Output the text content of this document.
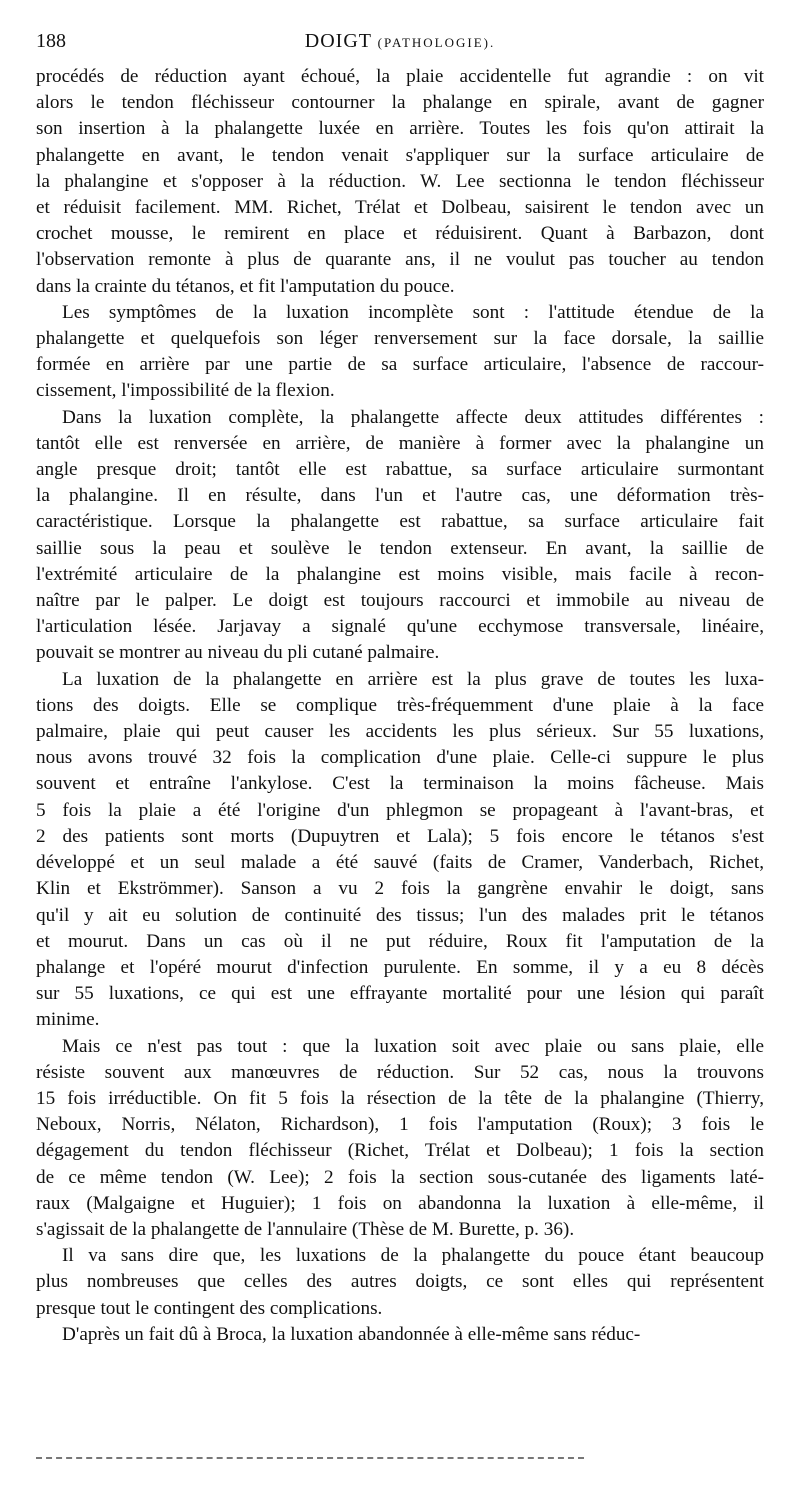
188	DOIGT (PATHOLOGIE).
procédés de réduction ayant échoué, la plaie accidentelle fut agrandie : on vit
alors le tendon fléchisseur contourner la phalange en spirale, avant de gagner
son insertion à la phalangette luxée en arrière. Toutes les fois qu'on attirait la
phalangette en avant, le tendon venait s'appliquer sur la surface articulaire de
la phalangine et s'opposer à la réduction. W. Lee sectionna le tendon fléchisseur
et réduisit facilement. MM. Richet, Trélat et Dolbeau, saisirent le tendon avec un
crochet mousse, le remirent en place et réduisirent. Quant à Barbazon, dont
l'observation remonte à plus de quarante ans, il ne voulut pas toucher au tendon
dans la crainte du tétanos, et fit l'amputation du pouce.
Les symptômes de la luxation incomplète sont : l'attitude étendue de la
phalangette et quelquefois son léger renversement sur la face dorsale, la saillie
formée en arrière par une partie de sa surface articulaire, l'absence de raccour-
cissement, l'impossibilité de la flexion.
Dans la luxation complète, la phalangette affecte deux attitudes différentes :
tantôt elle est renversée en arrière, de manière à former avec la phalangine un
angle presque droit; tantôt elle est rabattue, sa surface articulaire surmontant
la phalangine. Il en résulte, dans l'un et l'autre cas, une déformation très-
caractéristique. Lorsque la phalangette est rabattue, sa surface articulaire fait
saillie sous la peau et soulève le tendon extenseur. En avant, la saillie de
l'extrémité articulaire de la phalangine est moins visible, mais facile à recon-
naître par le palper. Le doigt est toujours raccourci et immobile au niveau de
l'articulation lésée. Jarjavay a signalé qu'une ecchymose transversale, linéaire,
pouvait se montrer au niveau du pli cutané palmaire.
La luxation de la phalangette en arrière est la plus grave de toutes les luxa-
tions des doigts. Elle se complique très-fréquemment d'une plaie à la face
palmaire, plaie qui peut causer les accidents les plus sérieux. Sur 55 luxations,
nous avons trouvé 32 fois la complication d'une plaie. Celle-ci suppure le plus
souvent et entraîne l'ankylose. C'est la terminaison la moins fâcheuse. Mais
5 fois la plaie a été l'origine d'un phlegmon se propageant à l'avant-bras, et
2 des patients sont morts (Dupuytren et Lala); 5 fois encore le tétanos s'est
développé et un seul malade a été sauvé (faits de Cramer, Vanderbach, Richet,
Klin et Ekströmmer). Sanson a vu 2 fois la gangrène envahir le doigt, sans
qu'il y ait eu solution de continuité des tissus; l'un des malades prit le tétanos
et mourut. Dans un cas où il ne put réduire, Roux fit l'amputation de la
phalange et l'opéré mourut d'infection purulente. En somme, il y a eu 8 décès
sur 55 luxations, ce qui est une effrayante mortalité pour une lésion qui paraît
minime.
Mais ce n'est pas tout : que la luxation soit avec plaie ou sans plaie, elle
résiste souvent aux manœuvres de réduction. Sur 52 cas, nous la trouvons
15 fois irréductible. On fit 5 fois la résection de la tête de la phalangine (Thierry,
Neboux, Norris, Nélaton, Richardson), 1 fois l'amputation (Roux); 3 fois le
dégagement du tendon fléchisseur (Richet, Trélat et Dolbeau); 1 fois la section
de ce même tendon (W. Lee); 2 fois la section sous-cutanée des ligaments laté-
raux (Malgaigne et Huguier); 1 fois on abandonna la luxation à elle-même, il
s'agissait de la phalangette de l'annulaire (Thèse de M. Burette, p. 36).
Il va sans dire que, les luxations de la phalangette du pouce étant beaucoup
plus nombreuses que celles des autres doigts, ce sont elles qui représentent
presque tout le contingent des complications.
D'après un fait dû à Broca, la luxation abandonnée à elle-même sans réduc-
